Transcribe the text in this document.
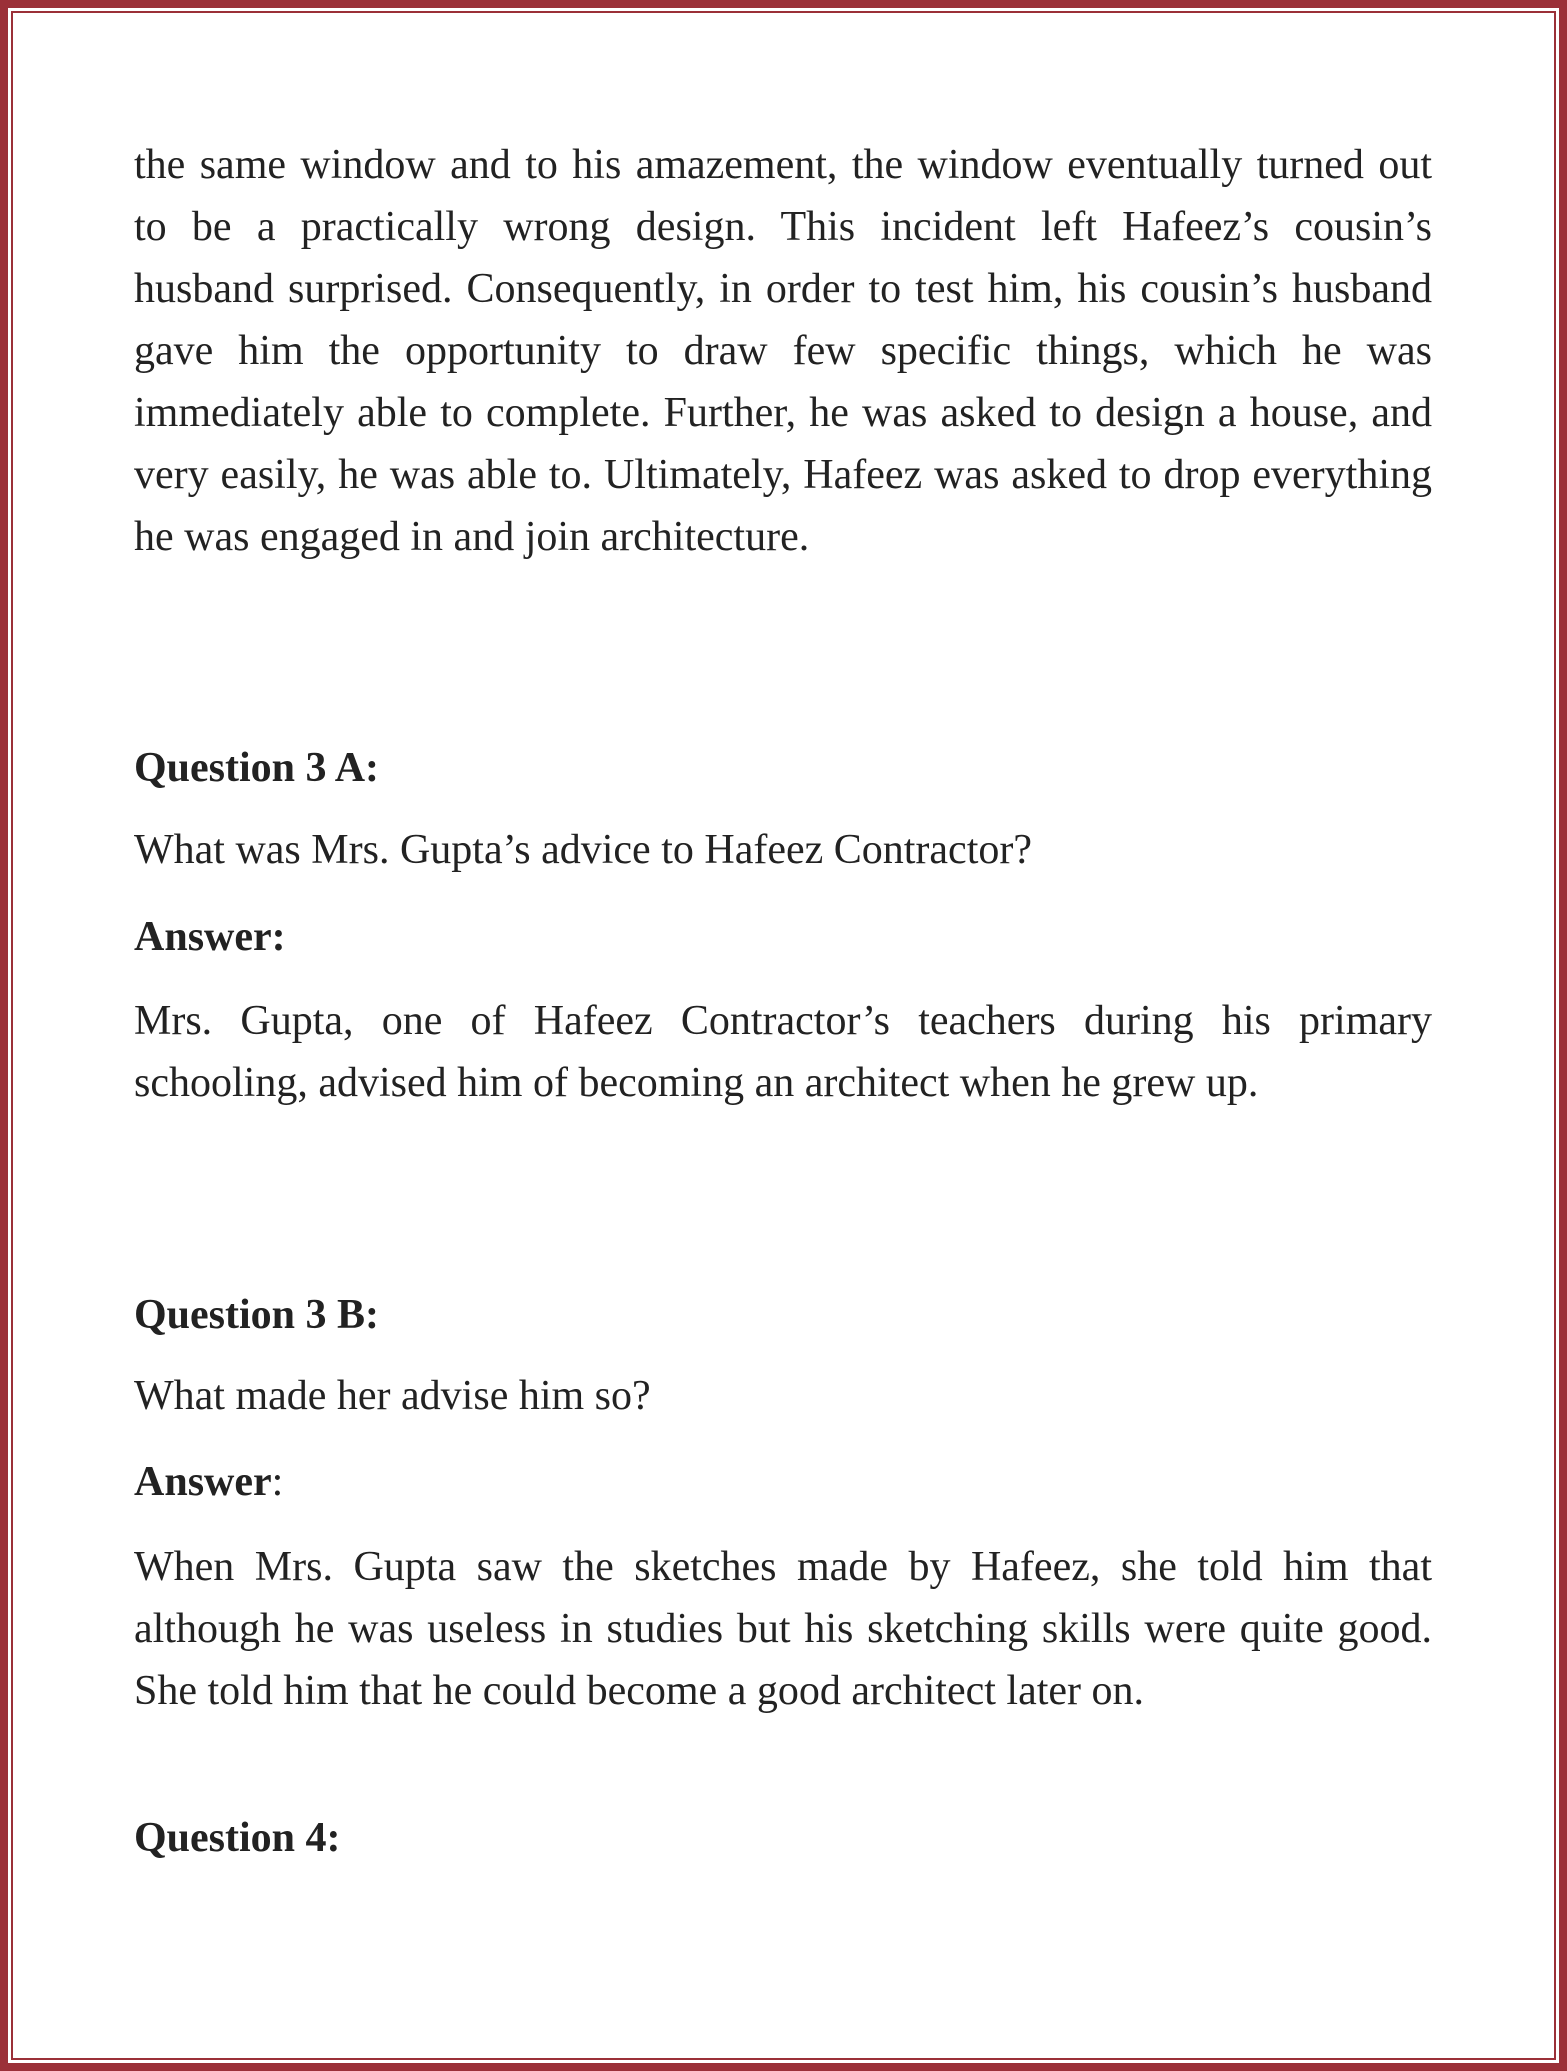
the same window and to his amazement, the window eventually turned out to be a practically wrong design. This incident left Hafeez’s cousin’s husband surprised. Consequently, in order to test him, his cousin’s husband gave him the opportunity to draw few specific things, which he was immediately able to complete. Further, he was asked to design a house, and very easily, he was able to. Ultimately, Hafeez was asked to drop everything he was engaged in and join architecture.
Question 3 A:
What was Mrs. Gupta’s advice to Hafeez Contractor?
Answer:
Mrs. Gupta, one of Hafeez Contractor’s teachers during his primary schooling, advised him of becoming an architect when he grew up.
Question 3 B:
What made her advise him so?
Answer:
When Mrs. Gupta saw the sketches made by Hafeez, she told him that although he was useless in studies but his sketching skills were quite good. She told him that he could become a good architect later on.
Question 4:
